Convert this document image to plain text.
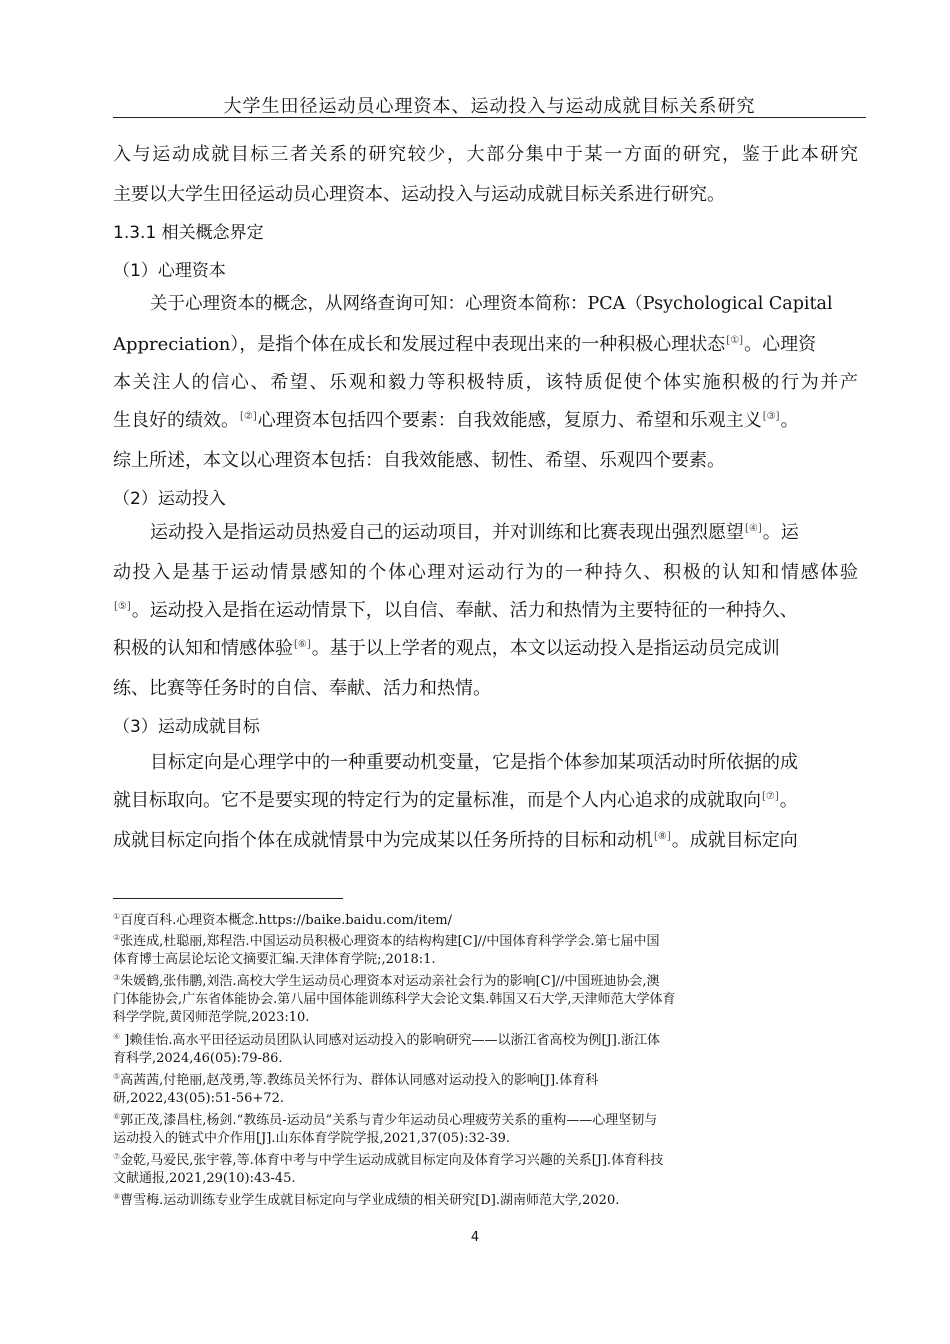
大学生田径运动员心理资本、运动投入与运动成就目标关系研究
入与运动成就目标三者关系的研究较少，大部分集中于某一方面的研究，鉴于此本研究
主要以大学生田径运动员心理资本、运动投入与运动成就目标关系进行研究。
1.3.1 相关概念界定
（1）心理资本
关于心理资本的概念，从网络查询可知：心理资本简称：PCA（Psychological Capital
Appreciation），是指个体在成长和发展过程中表现出来的一种积极心理状态[①]。心理资
本关注人的信心、希望、乐观和毅力等积极特质，该特质促使个体实施积极的行为并产
生良好的绩效。[②]心理资本包括四个要素：自我效能感，复原力、希望和乐观主义[③]。
综上所述，本文以心理资本包括：自我效能感、韧性、希望、乐观四个要素。
（2）运动投入
运动投入是指运动员热爱自己的运动项目，并对训练和比赛表现出强烈愿望[④]。运
动投入是基于运动情景感知的个体心理对运动行为的一种持久、积极的认知和情感体验
[⑤]。运动投入是指在运动情景下，以自信、奉献、活力和热情为主要特征的一种持久、
积极的认知和情感体验[⑥]。基于以上学者的观点，本文以运动投入是指运动员完成训
练、比赛等任务时的自信、奉献、活力和热情。
（3）运动成就目标
目标定向是心理学中的一种重要动机变量，它是指个体参加某项活动时所依据的成
就目标取向。它不是要实现的特定行为的定量标准，而是个人内心追求的成就取向[⑦]。
成就目标定向指个体在成就情景中为完成某以任务所持的目标和动机[⑧]。成就目标定向
①百度百科.心理资本概念.https://baike.baidu.com/item/
②张连成,杜聪丽,郑程浩.中国运动员积极心理资本的结构构建[C]//中国体育科学学会.第七届中国
体育博士高层论坛论文摘要汇编.天津体育学院;,2018:1.
③朱媛鹤,张伟鹏,刘浩.高校大学生运动员心理资本对运动亲社会行为的影响[C]//中国班迪协会,澳
门体能协会,广东省体能协会.第八届中国体能训练科学大会论文集.韩国又石大学,天津师范大学体育
科学学院,黄冈师范学院,2023:10.
④ ]赖佳怡.高水平田径运动员团队认同感对运动投入的影响研究——以浙江省高校为例[J].浙江体
育科学,2024,46(05):79-86.
⑤高茜茜,付艳丽,赵茂勇,等.教练员关怀行为、群体认同感对运动投入的影响[J].体育科
研,2022,43(05):51-56+72.
⑥郭正茂,漆昌柱,杨剑.“教练员-运动员”关系与青少年运动员心理疲劳关系的重构——心理坚韧与
运动投入的链式中介作用[J].山东体育学院学报,2021,37(05):32-39.
⑦金乾,马爱民,张宇蓉,等.体育中考与中学生运动成就目标定向及体育学习兴趣的关系[J].体育科技
文献通报,2021,29(10):43-45.
⑧曹雪梅.运动训练专业学生成就目标定向与学业成绩的相关研究[D].湖南师范大学,2020.
4
